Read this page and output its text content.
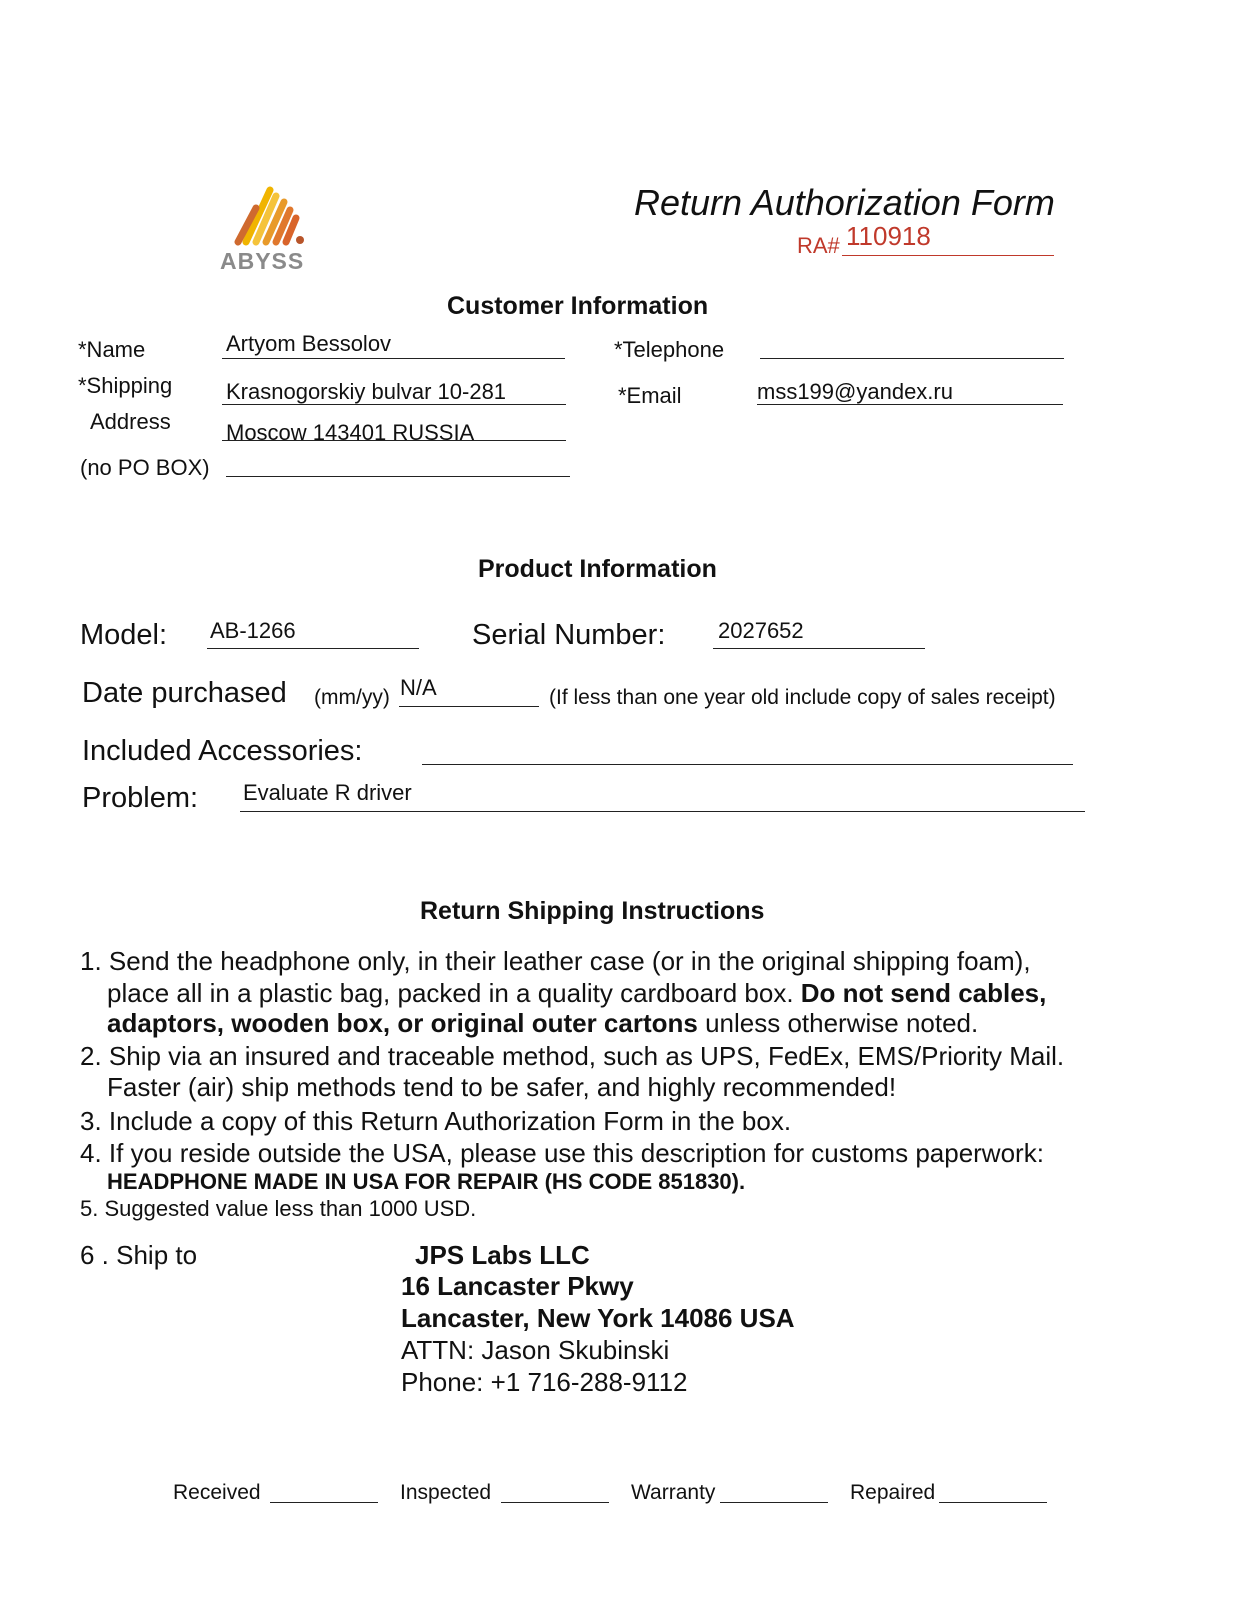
ABYSS
Return Authorization Form
RA# 110918
Customer Information
*Name	Artyom Bessolov
*Shipping
Address
Krasnogorskiy bulvar 10-281
Moscow 143401 RUSSIA
(no PO BOX)
*Telephone
*Email	mss199@yandex.ru
Product Information
Model: AB-1266	Serial Number: 2027652
Date purchased (mm/yy) N/A	(If less than one year old include copy of sales receipt)
Included Accessories:
Problem: Evaluate R driver
Return Shipping Instructions
1. Send the headphone only, in their leather case (or in the original shipping foam),
place all in a plastic bag, packed in a quality cardboard box. Do not send cables,
adaptors, wooden box, or original outer cartons unless otherwise noted.
2. Ship via an insured and traceable method, such as UPS, FedEx, EMS/Priority Mail.
Faster (air) ship methods tend to be safer, and highly recommended!
3. Include a copy of this Return Authorization Form in the box.
4. If you reside outside the USA, please use this description for customs paperwork:
HEADPHONE MADE IN USA FOR REPAIR (HS CODE 851830).
5. Suggested value less than 1000 USD.
6 . Ship to	JPS Labs LLC
16 Lancaster Pkwy
Lancaster, New York 14086 USA
ATTN: Jason Skubinski
Phone: +1 716-288-9112
Received	Inspected	Warranty	Repaired
